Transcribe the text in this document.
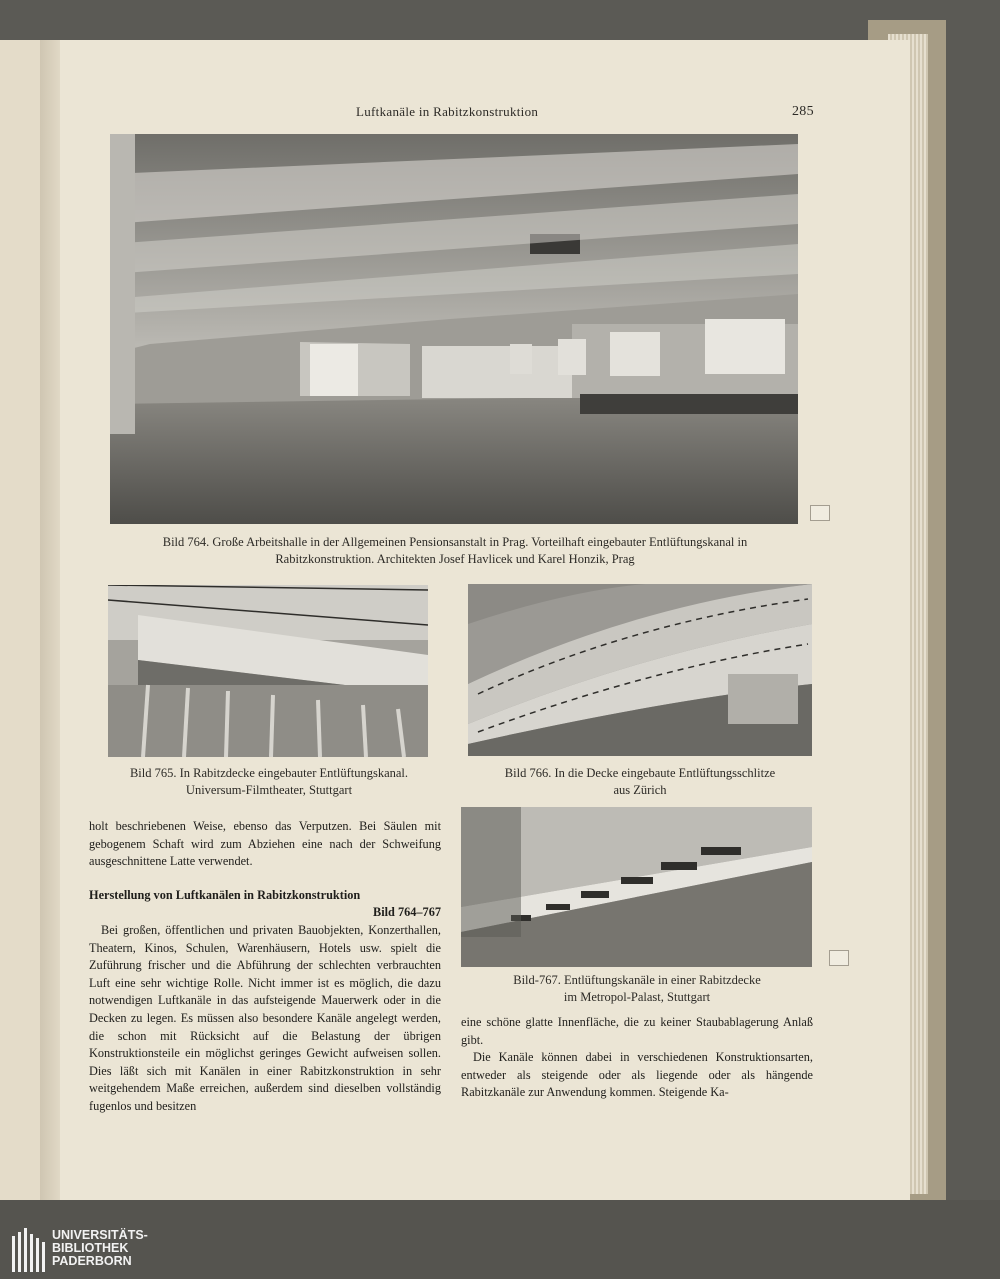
Luftkanäle in Rabitzkonstruktion	285
Bild 764. Große Arbeitshalle in der Allgemeinen Pensionsanstalt in Prag. Vorteilhaft eingebauter Entlüftungskanal in
Rabitzkonstruktion. Architekten Josef Havlicek und Karel Honzik, Prag
Bild 765. In Rabitzdecke eingebauter Entlüftungskanal.
Universum-Filmtheater, Stuttgart
Bild 766. In die Decke eingebaute Entlüftungsschlitze
aus Zürich
Bild-767. Entlüftungskanäle in einer Rabitzdecke
im Metropol-Palast, Stuttgart

holt beschriebenen Weise, ebenso das Verputzen. Bei Säulen mit gebogenem Schaft wird zum Abziehen eine nach der Schweifung ausgeschnittene Latte verwendet.

Herstellung von Luftkanälen in Rabitzkonstruktion
Bild 764–767

Bei großen, öffentlichen und privaten Bauobjekten, Konzerthallen, Theatern, Kinos, Schulen, Warenhäusern, Hotels usw. spielt die Zuführung frischer und die Abführung der schlechten verbrauchten Luft eine sehr wichtige Rolle. Nicht immer ist es möglich, die dazu notwendigen Luftkanäle in das aufsteigende Mauerwerk oder in die Decken zu legen. Es müssen also besondere Kanäle angelegt werden, die schon mit Rücksicht auf die Belastung der übrigen Konstruktionsteile ein möglichst geringes Gewicht aufweisen sollen. Dies läßt sich mit Kanälen in einer Rabitzkonstruktion in sehr weitgehendem Maße erreichen, außerdem sind dieselben vollständig fugenlos und besitzen

eine schöne glatte Innenfläche, die zu keiner Staubablagerung Anlaß gibt.

Die Kanäle können dabei in verschiedenen Konstruktionsarten, entweder als steigende oder als liegende oder als hängende Rabitzkanäle zur Anwendung kommen. Steigende Ka-

UNIVERSITÄTS-
BIBLIOTHEK
PADERBORN
